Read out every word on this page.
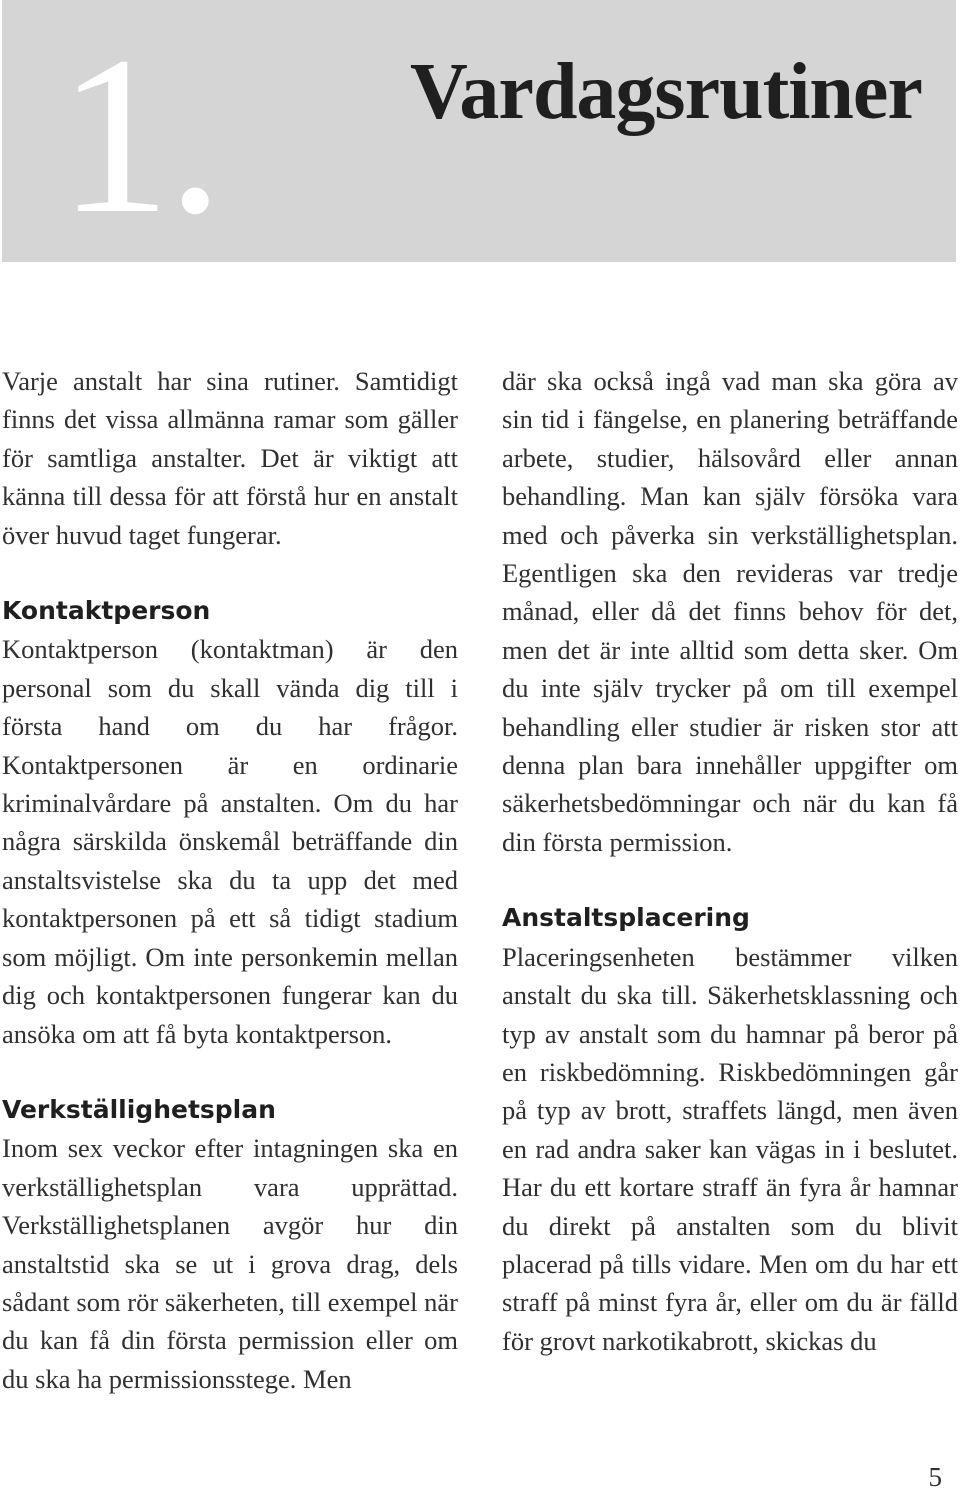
1. Vardagsrutiner

Varje anstalt har sina rutiner. Samtidigt finns det vissa allmänna ramar som gäller för samtliga anstalter. Det är viktigt att känna till dessa för att förstå hur en anstalt över huvud taget fungerar.

Kontaktperson

Kontaktperson (kontaktman) är den personal som du skall vända dig till i första hand om du har frågor. Kontaktpersonen är en ordinarie kriminalvårdare på anstalten. Om du har några särskilda önskemål beträffande din anstaltsvistelse ska du ta upp det med kontaktpersonen på ett så tidigt stadium som möjligt. Om inte personkemin mellan dig och kontaktpersonen fungerar kan du ansöka om att få byta kontaktperson.

Verkställighetsplan

Inom sex veckor efter intagningen ska en verkställighetsplan vara upprättad. Verkställighetsplanen avgör hur din anstaltstid ska se ut i grova drag, dels sådant som rör säkerheten, till exempel när du kan få din första permission eller om du ska ha permissionsstege. Men

där ska också ingå vad man ska göra av sin tid i fängelse, en planering beträffande arbete, studier, hälsovård eller annan behandling. Man kan själv försöka vara med och påverka sin verkställighetsplan. Egentligen ska den revideras var tredje månad, eller då det finns behov för det, men det är inte alltid som detta sker. Om du inte själv trycker på om till exempel behandling eller studier är risken stor att denna plan bara innehåller uppgifter om säkerhetsbedömningar och när du kan få din första permission.

Anstaltsplacering

Placeringsenheten bestämmer vilken anstalt du ska till. Säkerhetsklassning och typ av anstalt som du hamnar på beror på en riskbedömning. Riskbedömningen går på typ av brott, straffets längd, men även en rad andra saker kan vägas in i beslutet. Har du ett kortare straff än fyra år hamnar du direkt på anstalten som du blivit placerad på tills vidare. Men om du har ett straff på minst fyra år, eller om du är fälld för grovt narkotikabrott, skickas du

5
